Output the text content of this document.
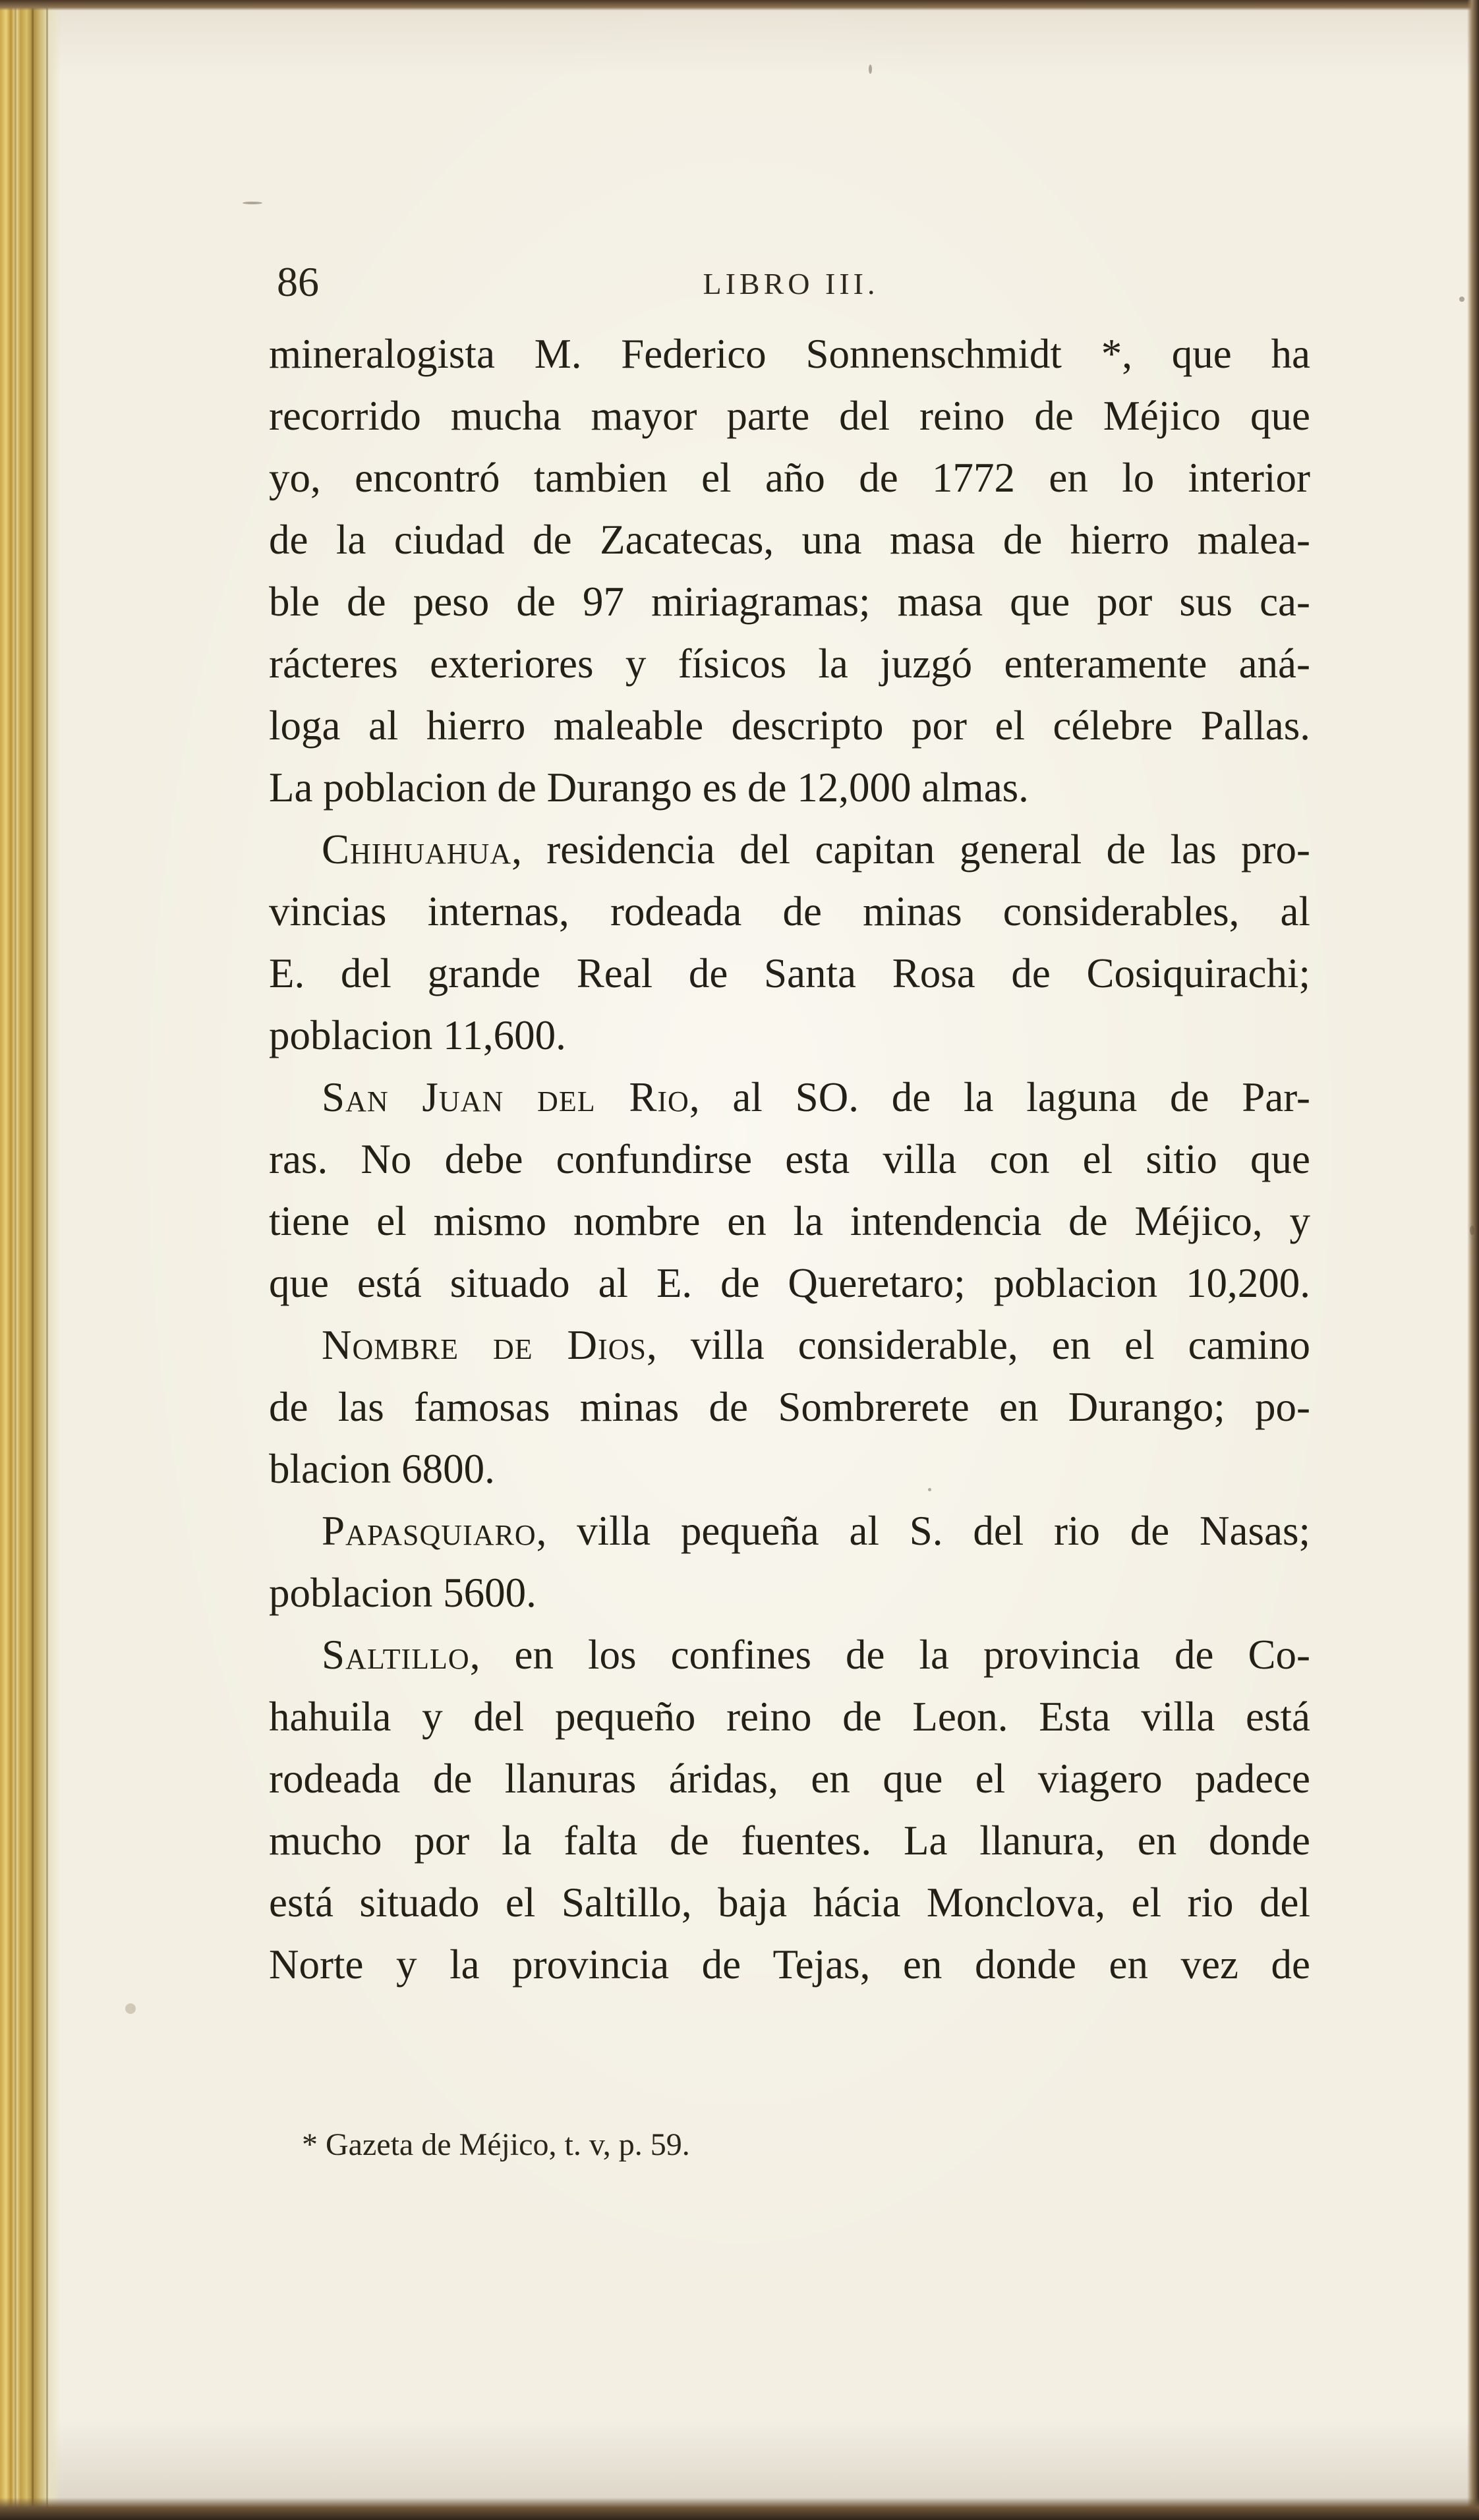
86	LIBRO III.
mineralogista M. Federico Sonnenschmidt *, que ha
recorrido mucha mayor parte del reino de Méjico que
yo, encontró tambien el año de 1772 en lo interior
de la ciudad de Zacatecas, una masa de hierro malea-
ble de peso de 97 miriagramas; masa que por sus ca-
rácteres exteriores y físicos la juzgó enteramente aná-
loga al hierro maleable descripto por el célebre Pallas.
La poblacion de Durango es de 12,000 almas.
Chihuahua, residencia del capitan general de las pro-
vincias internas, rodeada de minas considerables, al
E. del grande Real de Santa Rosa de Cosiquirachi;
poblacion 11,600.
San Juan del Rio, al SO. de la laguna de Par-
ras. No debe confundirse esta villa con el sitio que
tiene el mismo nombre en la intendencia de Méjico, y
que está situado al E. de Queretaro; poblacion 10,200.
Nombre de Dios, villa considerable, en el camino
de las famosas minas de Sombrerete en Durango; po-
blacion 6800.
Papasquiaro, villa pequeña al S. del rio de Nasas;
poblacion 5600.
Saltillo, en los confines de la provincia de Co-
hahuila y del pequeño reino de Leon. Esta villa está
rodeada de llanuras áridas, en que el viagero padece
mucho por la falta de fuentes. La llanura, en donde
está situado el Saltillo, baja hácia Monclova, el rio del
Norte y la provincia de Tejas, en donde en vez de
* Gazeta de Méjico, t. v, p. 59.
